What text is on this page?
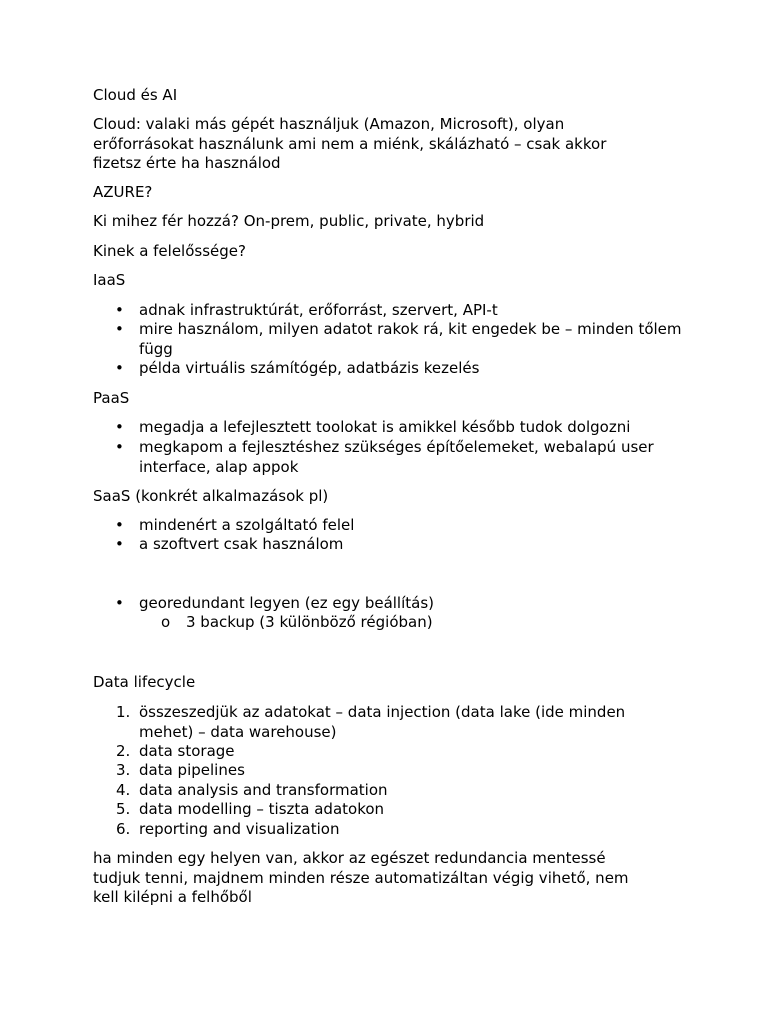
Cloud és AI
Cloud: valaki más gépét használjuk (Amazon, Microsoft), olyan erőforrásokat használunk ami nem a miénk, skálázható – csak akkor fizetsz érte ha használod
AZURE?
Ki mihez fér hozzá? On-prem, public, private, hybrid
Kinek a felelőssége?
IaaS
• adnak infrastruktúrát, erőforrást, szervert, API-t
• mire használom, milyen adatot rakok rá, kit engedek be – minden tőlem függ
• példa virtuális számítógép, adatbázis kezelés
PaaS
• megadja a lefejlesztett toolokat is amikkel később tudok dolgozni
• megkapom a fejlesztéshez szükséges építőelemeket, webalapú user interface, alap appok
SaaS (konkrét alkalmazások pl)
• mindenért a szolgáltató felel
• a szoftvert csak használom
• georedundant legyen (ez egy beállítás)
o 3 backup (3 különböző régióban)
Data lifecycle
1. összeszedjük az adatokat – data injection (data lake (ide minden mehet) – data warehouse)
2. data storage
3. data pipelines
4. data analysis and transformation
5. data modelling – tiszta adatokon
6. reporting and visualization
ha minden egy helyen van, akkor az egészet redundancia mentessé tudjuk tenni, majdnem minden része automatizáltan végig vihető, nem kell kilépni a felhőből
